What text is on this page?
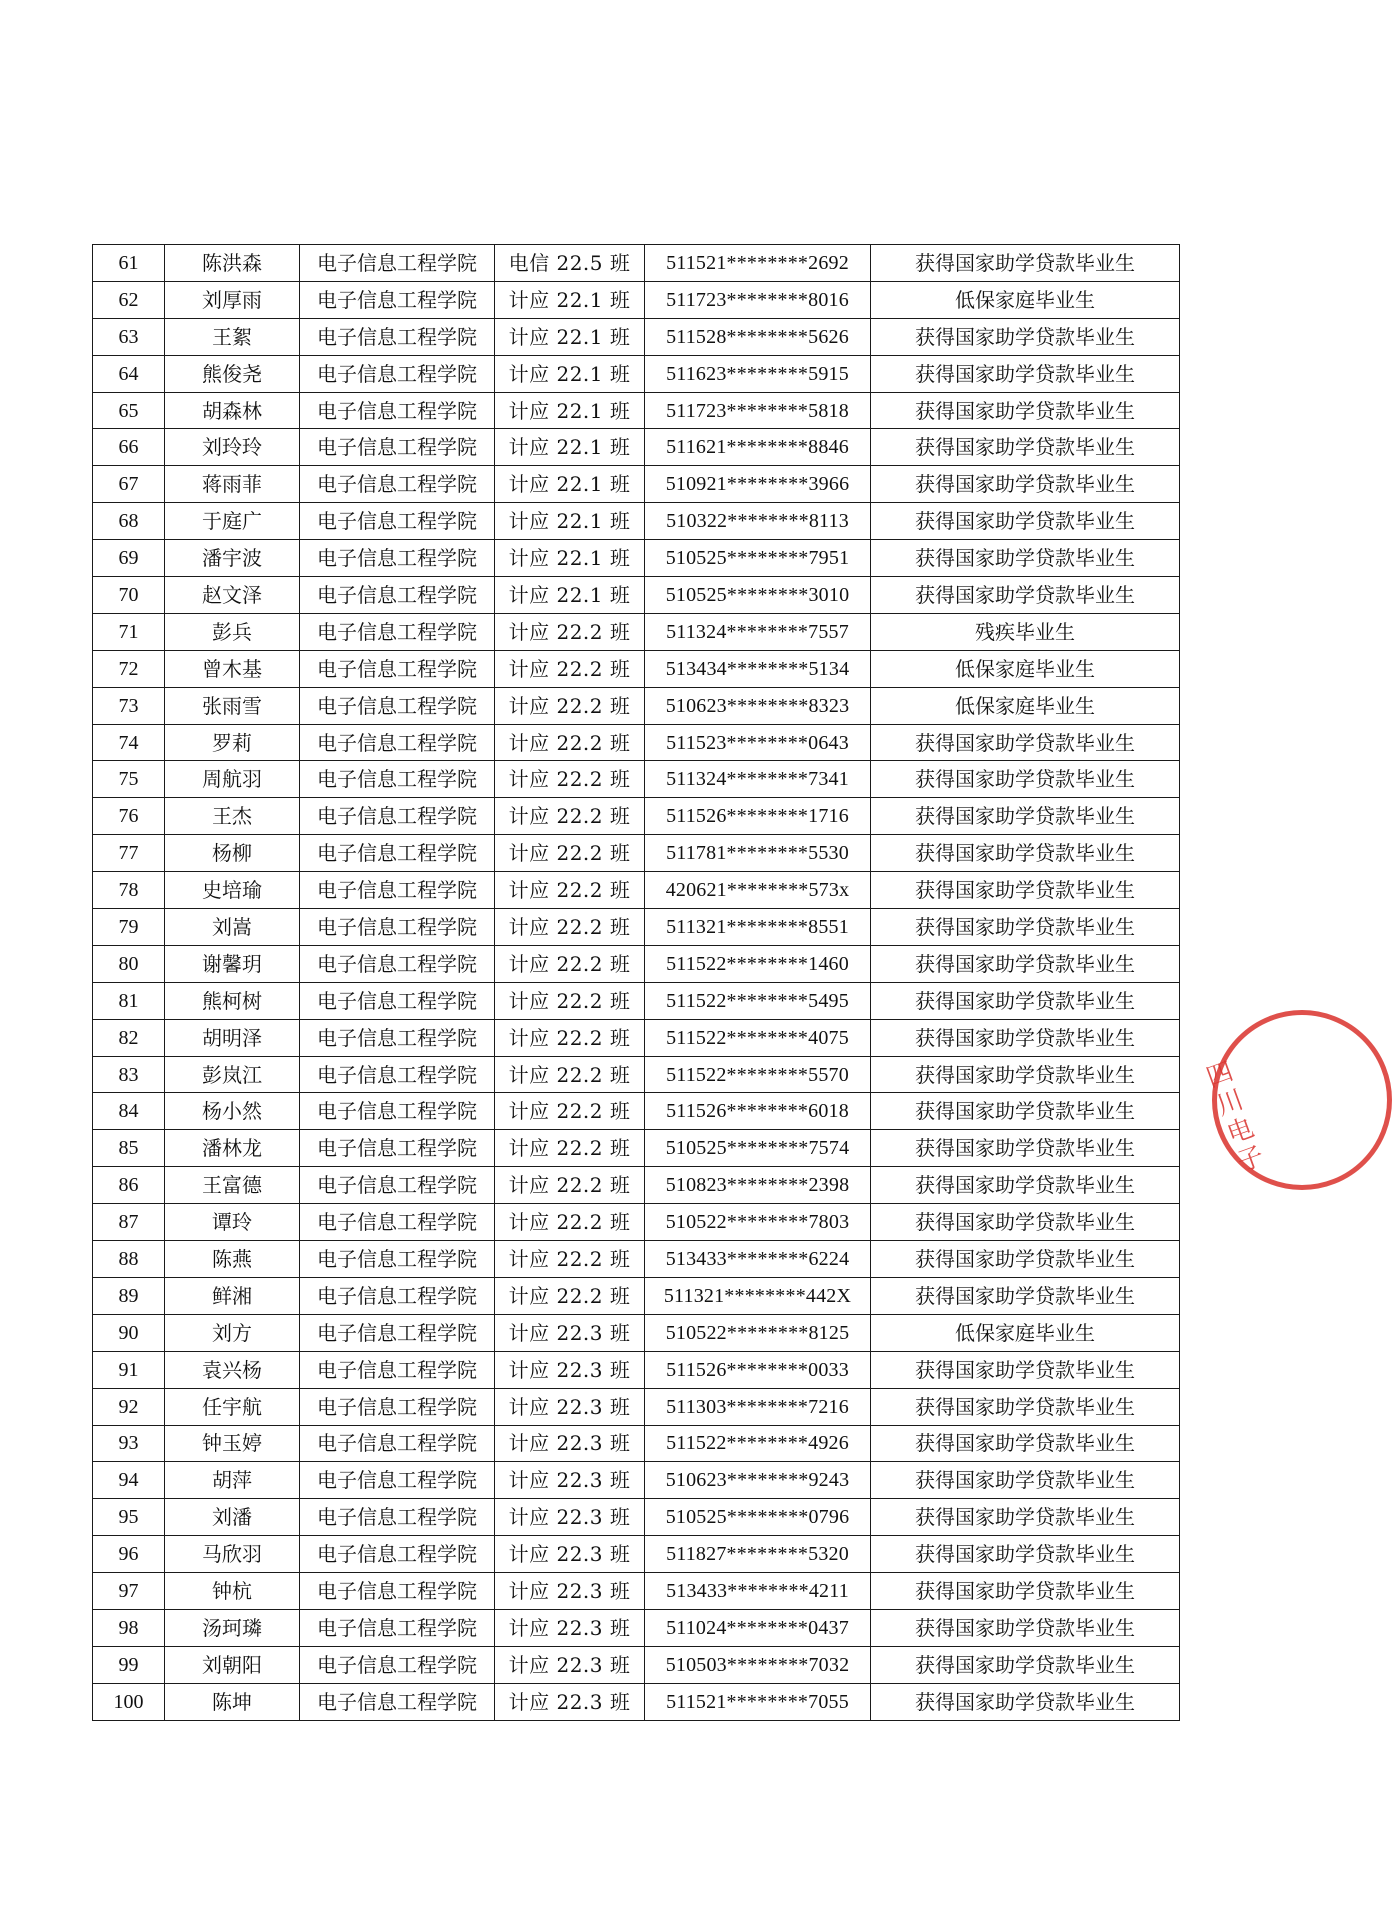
61	陈洪森	电子信息工程学院	电信 22.5 班	511521********2692	获得国家助学贷款毕业生
62	刘厚雨	电子信息工程学院	计应 22.1 班	511723********8016	低保家庭毕业生
63	王絮	电子信息工程学院	计应 22.1 班	511528********5626	获得国家助学贷款毕业生
64	熊俊尧	电子信息工程学院	计应 22.1 班	511623********5915	获得国家助学贷款毕业生
65	胡森林	电子信息工程学院	计应 22.1 班	511723********5818	获得国家助学贷款毕业生
66	刘玲玲	电子信息工程学院	计应 22.1 班	511621********8846	获得国家助学贷款毕业生
67	蒋雨菲	电子信息工程学院	计应 22.1 班	510921********3966	获得国家助学贷款毕业生
68	于庭广	电子信息工程学院	计应 22.1 班	510322********8113	获得国家助学贷款毕业生
69	潘宇波	电子信息工程学院	计应 22.1 班	510525********7951	获得国家助学贷款毕业生
70	赵文泽	电子信息工程学院	计应 22.1 班	510525********3010	获得国家助学贷款毕业生
71	彭兵	电子信息工程学院	计应 22.2 班	511324********7557	残疾毕业生
72	曾木基	电子信息工程学院	计应 22.2 班	513434********5134	低保家庭毕业生
73	张雨雪	电子信息工程学院	计应 22.2 班	510623********8323	低保家庭毕业生
74	罗莉	电子信息工程学院	计应 22.2 班	511523********0643	获得国家助学贷款毕业生
75	周航羽	电子信息工程学院	计应 22.2 班	511324********7341	获得国家助学贷款毕业生
76	王杰	电子信息工程学院	计应 22.2 班	511526********1716	获得国家助学贷款毕业生
77	杨柳	电子信息工程学院	计应 22.2 班	511781********5530	获得国家助学贷款毕业生
78	史培瑜	电子信息工程学院	计应 22.2 班	420621********573x	获得国家助学贷款毕业生
79	刘嵩	电子信息工程学院	计应 22.2 班	511321********8551	获得国家助学贷款毕业生
80	谢馨玥	电子信息工程学院	计应 22.2 班	511522********1460	获得国家助学贷款毕业生
81	熊柯树	电子信息工程学院	计应 22.2 班	511522********5495	获得国家助学贷款毕业生
82	胡明泽	电子信息工程学院	计应 22.2 班	511522********4075	获得国家助学贷款毕业生
83	彭岚江	电子信息工程学院	计应 22.2 班	511522********5570	获得国家助学贷款毕业生
84	杨小然	电子信息工程学院	计应 22.2 班	511526********6018	获得国家助学贷款毕业生
85	潘林龙	电子信息工程学院	计应 22.2 班	510525********7574	获得国家助学贷款毕业生
86	王富德	电子信息工程学院	计应 22.2 班	510823********2398	获得国家助学贷款毕业生
87	谭玲	电子信息工程学院	计应 22.2 班	510522********7803	获得国家助学贷款毕业生
88	陈燕	电子信息工程学院	计应 22.2 班	513433********6224	获得国家助学贷款毕业生
89	鲜湘	电子信息工程学院	计应 22.2 班	511321********442X	获得国家助学贷款毕业生
90	刘方	电子信息工程学院	计应 22.3 班	510522********8125	低保家庭毕业生
91	袁兴杨	电子信息工程学院	计应 22.3 班	511526********0033	获得国家助学贷款毕业生
92	任宇航	电子信息工程学院	计应 22.3 班	511303********7216	获得国家助学贷款毕业生
93	钟玉婷	电子信息工程学院	计应 22.3 班	511522********4926	获得国家助学贷款毕业生
94	胡萍	电子信息工程学院	计应 22.3 班	510623********9243	获得国家助学贷款毕业生
95	刘潘	电子信息工程学院	计应 22.3 班	510525********0796	获得国家助学贷款毕业生
96	马欣羽	电子信息工程学院	计应 22.3 班	511827********5320	获得国家助学贷款毕业生
97	钟杭	电子信息工程学院	计应 22.3 班	513433********4211	获得国家助学贷款毕业生
98	汤珂璘	电子信息工程学院	计应 22.3 班	511024********0437	获得国家助学贷款毕业生
99	刘朝阳	电子信息工程学院	计应 22.3 班	510503********7032	获得国家助学贷款毕业生
100	陈坤	电子信息工程学院	计应 22.3 班	511521********7055	获得国家助学贷款毕业生
四川电子
